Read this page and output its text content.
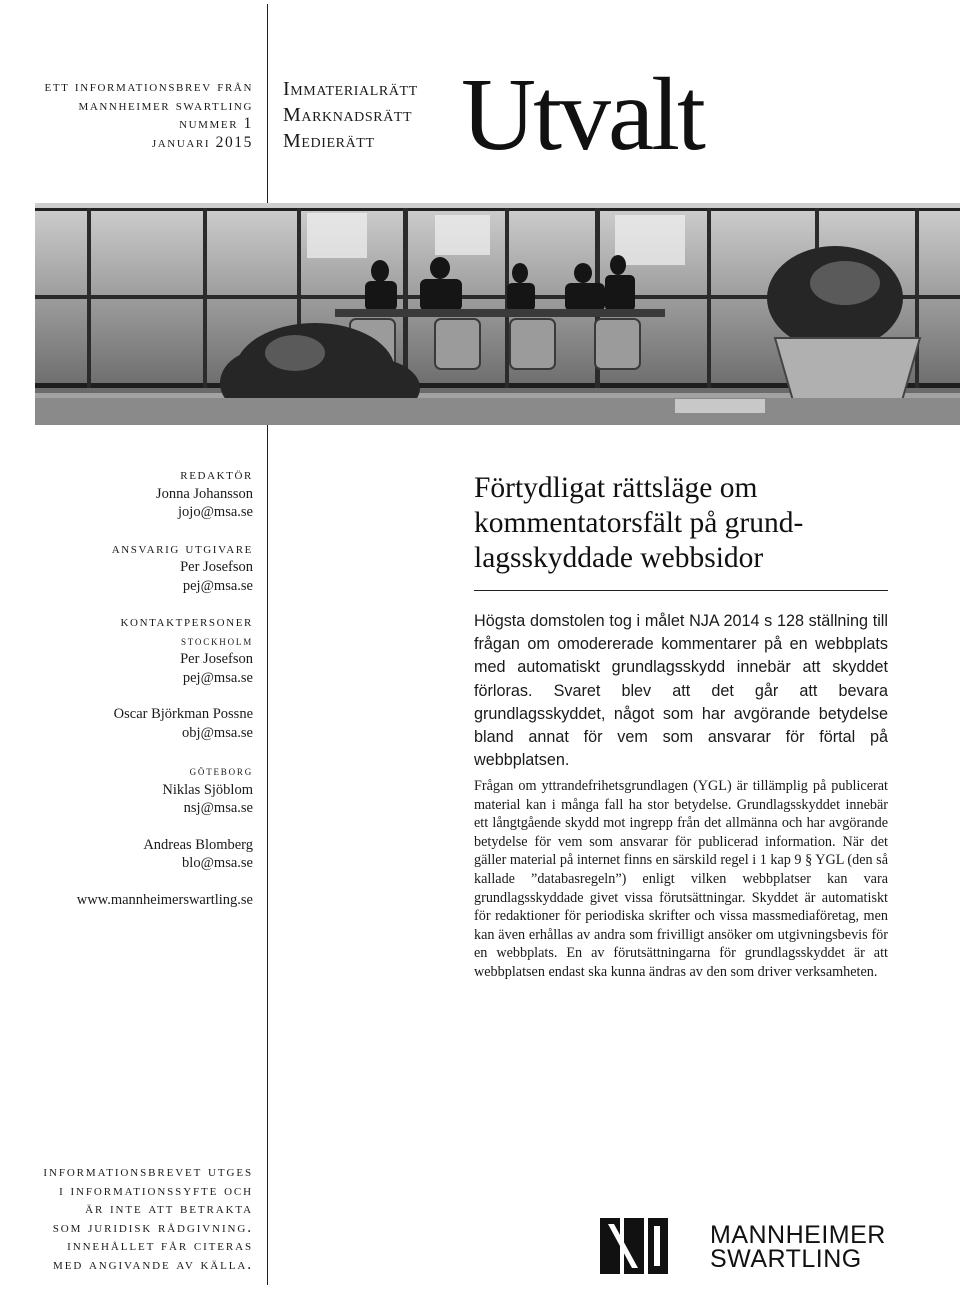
ett informationsbrev från
mannheimer swartling
nummer 1
januari 2015
Immaterialrätt
Marknadsrätt
Medierätt Utvalt
redaktör
Jonna Johansson
jojo@msa.se
ansvarig utgivare
Per Josefson
pej@msa.se
kontaktpersoner
stockholm
Per Josefson
pej@msa.se
Oscar Björkman Possne
obj@msa.se
göteborg
Niklas Sjöblom
nsj@msa.se
Andreas Blomberg
blo@msa.se
www.mannheimerswartling.se
Förtydligat rättsläge om
kommentatorsfält på grund-
lagsskyddade webbsidor
Högsta domstolen tog i målet NJA 2014 s 128 ställning till frågan om omodererade kommentarer på en webbplats med automatiskt grundlagsskydd innebär att skyddet förloras. Svaret blev att det går att bevara grundlagsskyddet, något som har avgörande betydelse bland annat för vem som ansvarar för förtal på webbplatsen.
Frågan om yttrandefrihetsgrundlagen (YGL) är tillämplig på publicerat material kan i många fall ha stor betydelse. Grundlagsskyddet innebär ett långtgående skydd mot ingrepp från det allmänna och har avgörande betydelse för vem som ansvarar för publicerad information. När det gäller material på internet finns en särskild regel i 1 kap 9 § YGL (den så kallade ”databasregeln”) enligt vilken webbplatser kan vara grundlagsskyddade givet vissa förutsättningar. Skyddet är automatiskt för redaktioner för periodiska skrifter och vissa massmediaföretag, men kan även erhållas av andra som frivilligt ansöker om utgivningsbevis för en webbplats. En av förutsättningarna för grundlagsskyddet är att webbplatsen endast ska kunna ändras av den som driver verksamheten.
informationsbrevet utges
i informationssyfte och
är inte att betrakta
som juridisk rådgivning.
innehållet får citeras
med angivande av källa.
MANNHEIMER
SWARTLING
